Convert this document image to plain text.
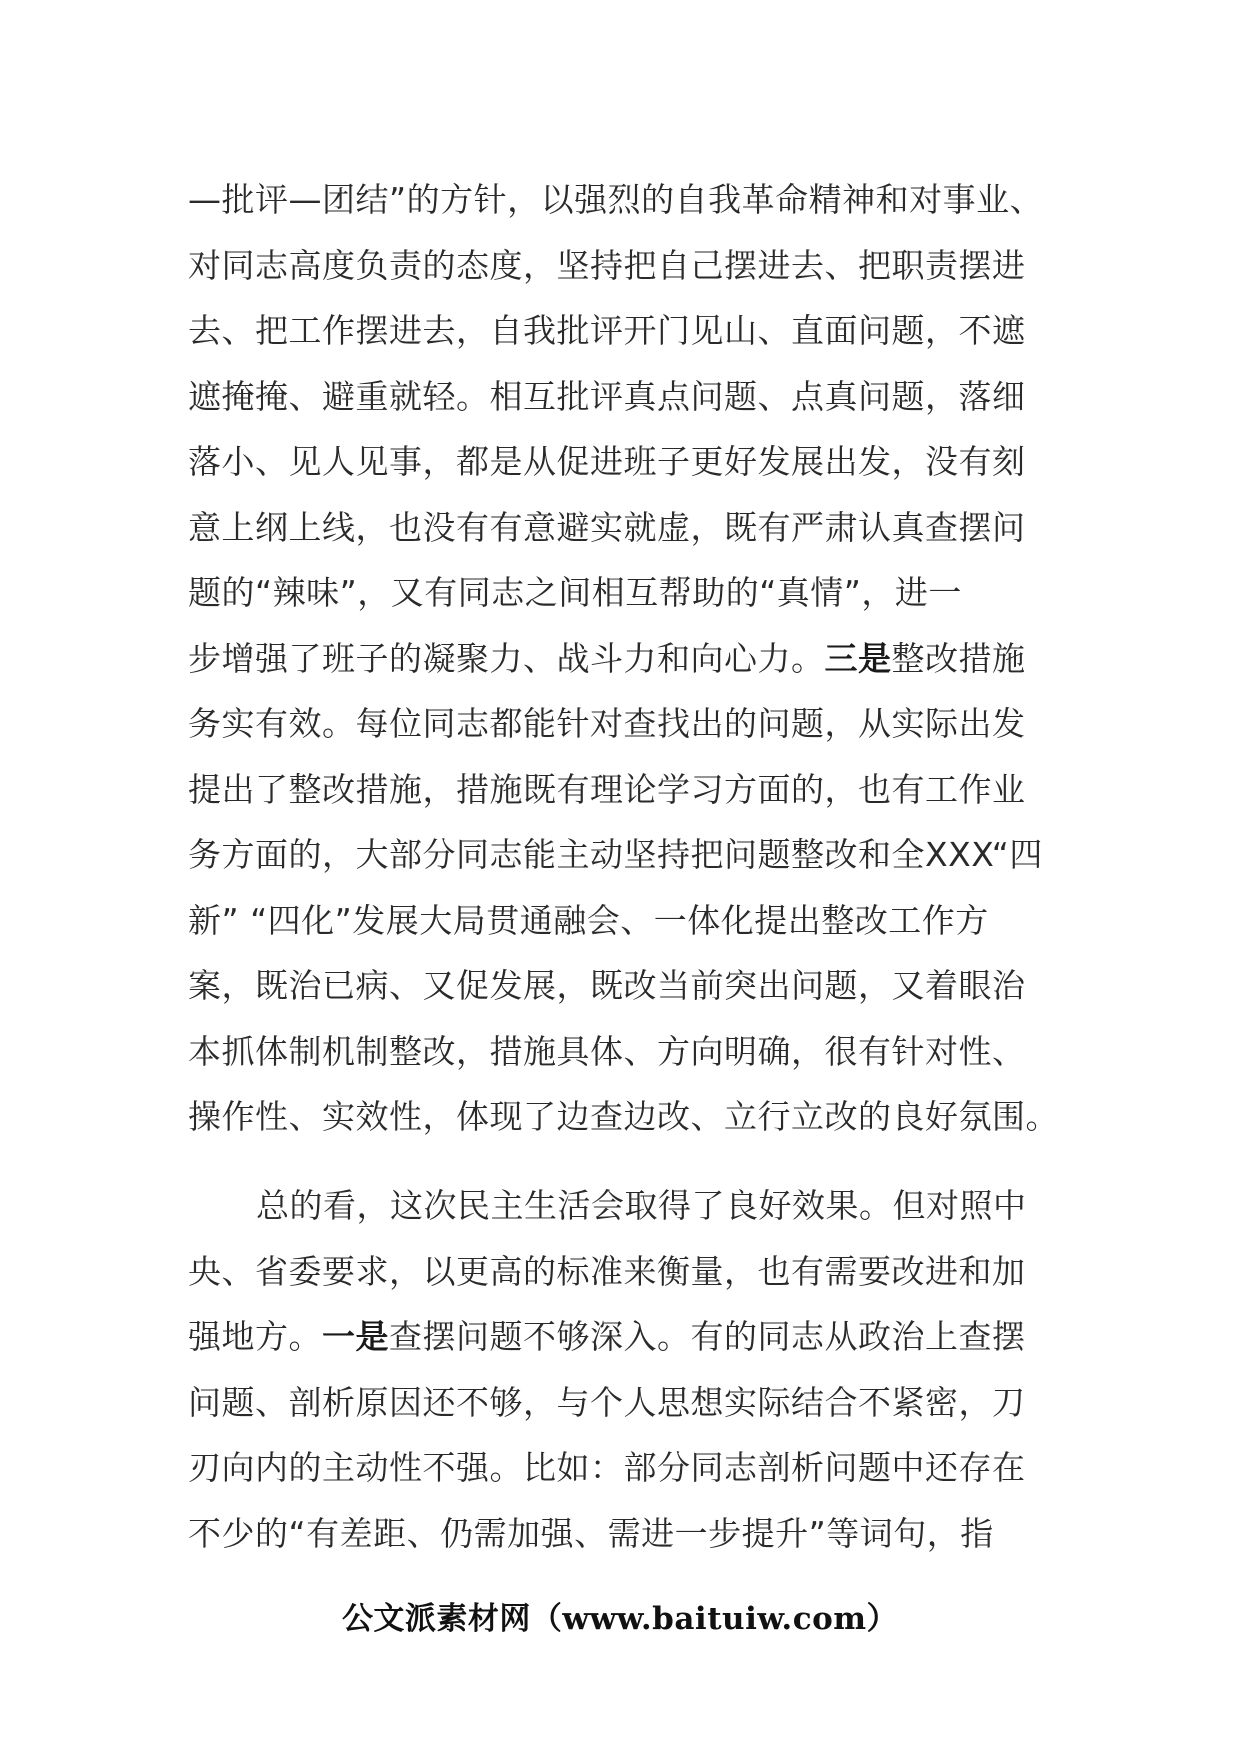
—批评—团结”的方针，以强烈的自我革命精神和对事业、
对同志高度负责的态度，坚持把自己摆进去、把职责摆进
去、把工作摆进去，自我批评开门见山、直面问题，不遮
遮掩掩、避重就轻。相互批评真点问题、点真问题，落细
落小、见人见事，都是从促进班子更好发展出发，没有刻
意上纲上线，也没有有意避实就虚，既有严肃认真查摆问
题的“辣味”，又有同志之间相互帮助的“真情”，进一
步增强了班子的凝聚力、战斗力和向心力。三是整改措施
务实有效。每位同志都能针对查找出的问题，从实际出发
提出了整改措施，措施既有理论学习方面的，也有工作业
务方面的，大部分同志能主动坚持把问题整改和全XXX“四
新” “四化”发展大局贯通融会、一体化提出整改工作方
案，既治已病、又促发展，既改当前突出问题，又着眼治
本抓体制机制整改，措施具体、方向明确，很有针对性、
操作性、实效性，体现了边查边改、立行立改的良好氛围。
总的看，这次民主生活会取得了良好效果。但对照中
央、省委要求，以更高的标准来衡量，也有需要改进和加
强地方。一是查摆问题不够深入。有的同志从政治上查摆
问题、剖析原因还不够，与个人思想实际结合不紧密，刀
刃向内的主动性不强。比如：部分同志剖析问题中还存在
不少的“有差距、仍需加强、需进一步提升”等词句，指
公文派素材网（www.baituiw.com）
